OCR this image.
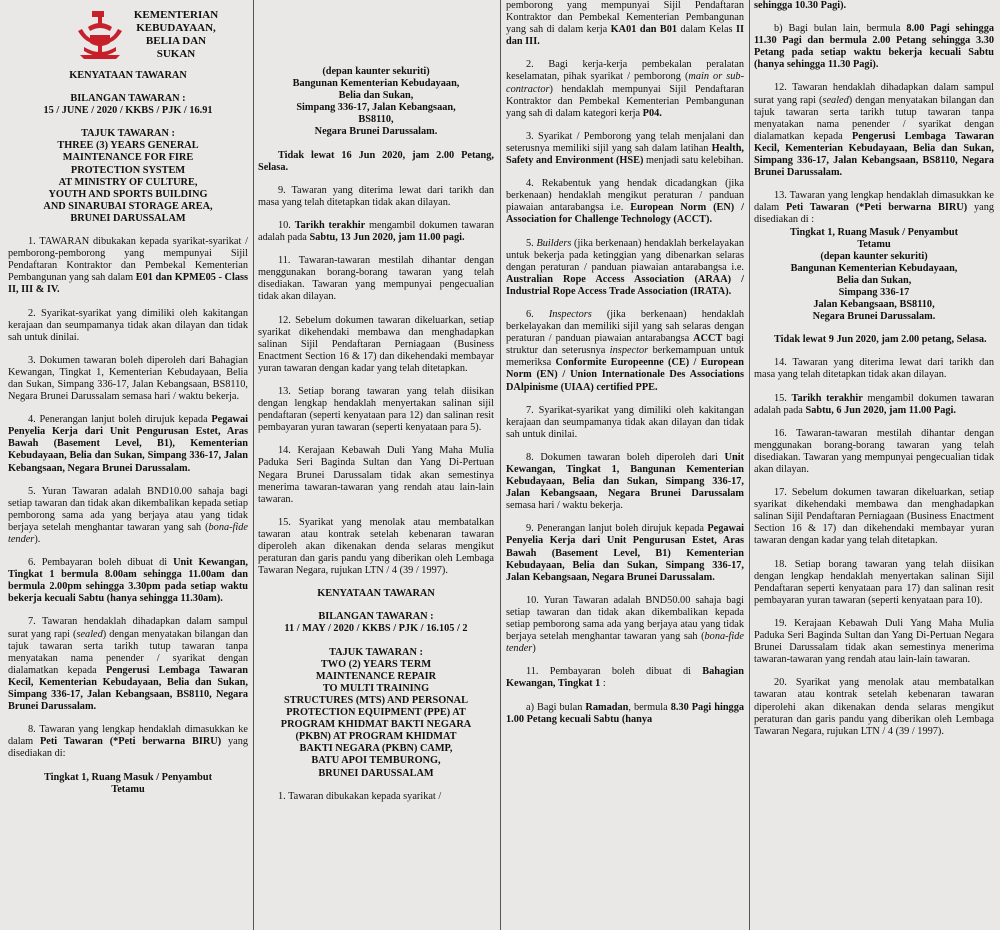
KEMENTERIAN KEBUDAYAAN,
BELIA DAN SUKAN

KENYATAAN TAWARAN

BILANGAN TAWARAN :
15 / JUNE / 2020 / KKBS / PJK / 16.91
TAJUK TAWARAN :
THREE (3) YEARS GENERAL
MAINTENANCE FOR FIRE
PROTECTION SYSTEM
AT MINISTRY OF CULTURE,
YOUTH AND SPORTS BUILDING
AND SINARUBAI STORAGE AREA,
BRUNEI DARUSSALAM

1. TAWARAN dibukakan kepada syarikat-syarikat / pemborong-pemborong yang mempunyai Sijil Pendaftaran Kontraktor dan Pembekal Kementerian Pembangunan yang sah dalam E01 dan KPME05 - Class II, III & IV.

2. Syarikat-syarikat yang dimiliki oleh kakitangan kerajaan dan seumpamanya tidak akan dilayan dan tidak sah untuk dinilai.

3. Dokumen tawaran boleh diperoleh dari Bahagian Kewangan, Tingkat 1, Kementerian Kebudayaan, Belia dan Sukan, Simpang 336-17, Jalan Kebangsaan, BS8110, Negara Brunei Darussalam semasa hari / waktu bekerja.

4. Penerangan lanjut boleh dirujuk kepada Pegawai Penyelia Kerja dari Unit Pengurusan Estet, Aras Bawah (Basement Level, B1), Kementerian Kebudayaan, Belia dan Sukan, Simpang 336-17, Jalan Kebangsaan, Negara Brunei Darussalam.

5. Yuran Tawaran adalah BND10.00 sahaja bagi setiap tawaran dan tidak akan dikembalikan kepada setiap pemborong sama ada yang berjaya atau yang tidak berjaya setelah menghantar tawaran yang sah (bona-fide tender).

6. Pembayaran boleh dibuat di Unit Kewangan, Tingkat 1 bermula 8.00am sehingga 11.00am dan bermula 2.00pm sehingga 3.30pm pada setiap waktu bekerja kecuali Sabtu (hanya sehingga 11.30am).

7. Tawaran hendaklah dihadapkan dalam sampul surat yang rapi (sealed) dengan menyatakan bilangan dan tajuk tawaran serta tarikh tutup tawaran tanpa menyatakan nama penender / syarikat dengan dialamatkan kepada Pengerusi Lembaga Tawaran Kecil, Kementerian Kebudayaan, Belia dan Sukan, Simpang 336-17, Jalan Kebangsaan, BS8110, Negara Brunei Darussalam.

8. Tawaran yang lengkap hendaklah dimasukkan ke dalam Peti Tawaran (*Peti berwarna BIRU) yang disediakan di:

Tingkat 1, Ruang Masuk / Penyambut
Tetamu
(depan kaunter sekuriti)
Bangunan Kementerian Kebudayaan,
Belia dan Sukan,
Simpang 336-17, Jalan Kebangsaan,
BS8110,
Negara Brunei Darussalam.

Tidak lewat 16 Jun 2020, jam 2.00 Petang, Selasa.

9. Tawaran yang diterima lewat dari tarikh dan masa yang telah ditetapkan tidak akan dilayan.

10. Tarikh terakhir mengambil dokumen tawaran adalah pada Sabtu, 13 Jun 2020, jam 11.00 pagi.

11. Tawaran-tawaran mestilah dihantar dengan menggunakan borang-borang tawaran yang telah disediakan. Tawaran yang mempunyai pengecualian tidak akan dilayan.

12. Sebelum dokumen tawaran dikeluarkan, setiap syarikat dikehendaki membawa dan menghadapkan salinan Sijil Pendaftaran Perniagaan (Business Enactment Section 16 & 17) dan dikehendaki membayar yuran tawaran dengan kadar yang telah ditetapkan.

13. Setiap borang tawaran yang telah diisikan dengan lengkap hendaklah menyertakan salinan sijil pendaftaran (seperti kenyataan para 12) dan salinan resit pembayaran yuran tawaran (seperti kenyataan para 5).

14. Kerajaan Kebawah Duli Yang Maha Mulia Paduka Seri Baginda Sultan dan Yang Di-Pertuan Negara Brunei Darussalam tidak akan semestinya menerima tawaran-tawaran yang rendah atau lain-lain tawaran.

15. Syarikat yang menolak atau membatalkan tawaran atau kontrak setelah kebenaran tawaran diperoleh akan dikenakan denda selaras mengikut peraturan dan garis pandu yang diberikan oleh Lembaga Tawaran Negara, rujukan LTN / 4 (39 / 1997).

KENYATAAN TAWARAN

BILANGAN TAWARAN :
11 / MAY / 2020 / KKBS / PJK / 16.105 / 2
TAJUK TAWARAN :
TWO (2) YEARS TERM
MAINTENANCE REPAIR
TO MULTI TRAINING
STRUCTURES (MTS) AND PERSONAL
PROTECTION EQUIPMENT (PPE) AT
PROGRAM KHIDMAT BAKTI NEGARA
(PKBN) AT PROGRAM KHIDMAT
BAKTI NEGARA (PKBN) CAMP,
BATU APOI TEMBURONG,
BRUNEI DARUSSALAM

1. Tawaran dibukakan kepada syarikat /

pemborong yang mempunyai Sijil Pendaftaran Kontraktor dan Pembekal Kementerian Pembangunan yang sah di dalam kerja KA01 dan B01 dalam Kelas II dan III.

2. Bagi kerja-kerja pembekalan peralatan keselamatan, pihak syarikat / pemborong (main or sub-contractor) hendaklah mempunyai Sijil Pendaftaran Kontraktor dan Pembekal Kementerian Pembangunan yang sah di dalam kategori kerja P04.

3. Syarikat / Pemborong yang telah menjalani dan seterusnya memiliki sijil yang sah dalam latihan Health, Safety and Environment (HSE) menjadi satu kelebihan.

4. Rekabentuk yang hendak dicadangkan (jika berkenaan) hendaklah mengikut peraturan / panduan piawaian antarabangsa i.e. European Norm (EN) / Association for Challenge Technology (ACCT).

5. Builders (jika berkenaan) hendaklah berkelayakan untuk bekerja pada ketinggian yang dibenarkan selaras dengan peraturan / panduan piawaian antarabangsa i.e. Australian Rope Access Association (ARAA) / Industrial Rope Access Trade Association (IRATA).

6. Inspectors (jika berkenaan) hendaklah berkelayakan dan memiliki sijil yang sah selaras dengan peraturan / panduan piawaian antarabangsa ACCT bagi struktur dan seterusnya inspector berkemampuan untuk memeriksa Conformite Europeenne (CE) / European Norm (EN) / Union Internationale Des Associations DAlpinisme (UIAA) certified PPE.

7. Syarikat-syarikat yang dimiliki oleh kakitangan kerajaan dan seumpamanya tidak akan dilayan dan tidak sah untuk dinilai.

8. Dokumen tawaran boleh diperoleh dari Unit Kewangan, Tingkat 1, Bangunan Kementerian Kebudayaan, Belia dan Sukan, Simpang 336-17, Jalan Kebangsaan, Negara Brunei Darussalam semasa hari / waktu bekerja.

9. Penerangan lanjut boleh dirujuk kepada Pegawai Penyelia Kerja dari Unit Pengurusan Estet, Aras Bawah (Basement Level, B1) Kementerian Kebudayaan, Belia dan Sukan, Simpang 336-17, Jalan Kebangsaan, Negara Brunei Darussalam.

10. Yuran Tawaran adalah BND50.00 sahaja bagi setiap tawaran dan tidak akan dikembalikan kepada setiap pemborong sama ada yang berjaya atau yang tidak berjaya setelah menghantar tawaran yang sah (bona-fide tender)

11. Pembayaran boleh dibuat di Bahagian Kewangan, Tingkat 1 :

a) Bagi bulan Ramadan, bermula 8.30 Pagi hingga 1.00 Petang kecuali Sabtu (hanya

sehingga 10.30 Pagi).

b) Bagi bulan lain, bermula 8.00 Pagi sehingga 11.30 Pagi dan bermula 2.00 Petang sehingga 3.30 Petang pada setiap waktu bekerja kecuali Sabtu (hanya sehingga 11.30 Pagi).

12. Tawaran hendaklah dihadapkan dalam sampul surat yang rapi (sealed) dengan menyatakan bilangan dan tajuk tawaran serta tarikh tutup tawaran tanpa menyatakan nama penender / syarikat dengan dialamatkan kepada Pengerusi Lembaga Tawaran Kecil, Kementerian Kebudayaan, Belia dan Sukan, Simpang 336-17, Jalan Kebangsaan, BS8110, Negara Brunei Darussalam.

13. Tawaran yang lengkap hendaklah dimasukkan ke dalam Peti Tawaran (*Peti berwarna BIRU) yang disediakan di :

Tingkat 1, Ruang Masuk / Penyambut
Tetamu
(depan kaunter sekuriti)
Bangunan Kementerian Kebudayaan,
Belia dan Sukan,
Simpang 336-17
Jalan Kebangsaan, BS8110,
Negara Brunei Darussalam.

Tidak lewat 9 Jun 2020, jam 2.00 petang, Selasa.

14. Tawaran yang diterima lewat dari tarikh dan masa yang telah ditetapkan tidak akan dilayan.

15. Tarikh terakhir mengambil dokumen tawaran adalah pada Sabtu, 6 Jun 2020, jam 11.00 Pagi.

16. Tawaran-tawaran mestilah dihantar dengan menggunakan borang-borang tawaran yang telah disediakan. Tawaran yang mempunyai pengecualian tidak akan dilayan.

17. Sebelum dokumen tawaran dikeluarkan, setiap syarikat dikehendaki membawa dan menghadapkan salinan Sijil Pendaftaran Perniagaan (Business Enactment Section 16 & 17) dan dikehendaki membayar yuran tawaran dengan kadar yang telah ditetapkan.

18. Setiap borang tawaran yang telah diisikan dengan lengkap hendaklah menyertakan salinan Sijil Pendaftaran seperti kenyataan para 17) dan salinan resit pembayaran yuran tawaran (seperti kenyataan para 10).

19. Kerajaan Kebawah Duli Yang Maha Mulia Paduka Seri Baginda Sultan dan Yang Di-Pertuan Negara Brunei Darussalam tidak akan semestinya menerima tawaran-tawaran yang rendah atau lain-lain tawaran.

20. Syarikat yang menolak atau membatalkan tawaran atau kontrak setelah kebenaran tawaran diperolehi akan dikenakan denda selaras mengikut peraturan dan garis pandu yang diberikan oleh Lembaga Tawaran Negara, rujukan LTN / 4 (39 / 1997).
